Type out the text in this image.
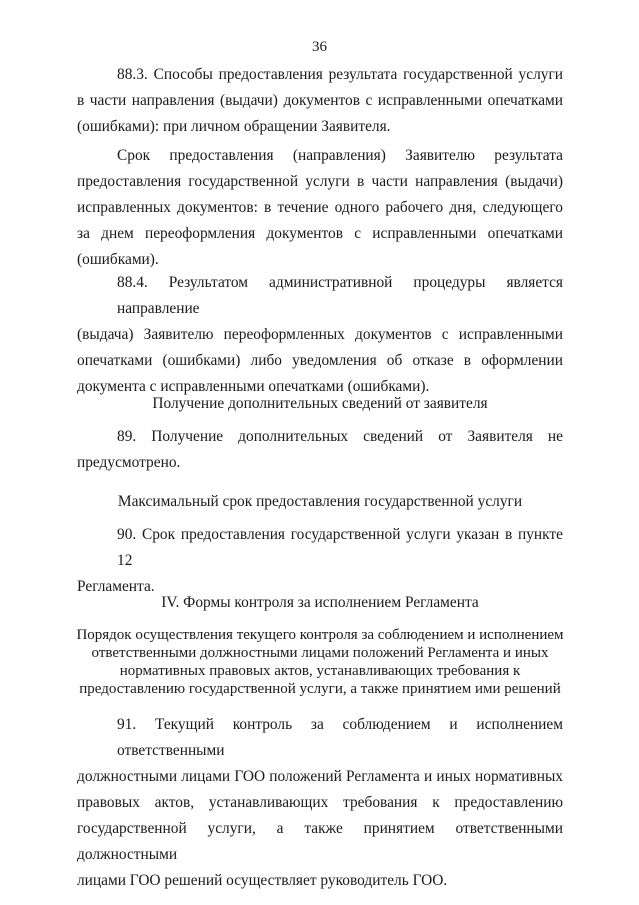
36
88.3. Способы предоставления результата государственной услуги
в части направления (выдачи) документов с исправленными опечатками
(ошибками): при личном обращении Заявителя.
Срок предоставления (направления) Заявителю результата
предоставления государственной услуги в части направления (выдачи)
исправленных документов: в течение одного рабочего дня, следующего
за днем переоформления документов с исправленными опечатками
(ошибками).
88.4. Результатом административной процедуры является направление
(выдача) Заявителю переоформленных документов с исправленными
опечатками (ошибками) либо уведомления об отказе в оформлении
документа с исправленными опечатками (ошибками).
Получение дополнительных сведений от заявителя
89. Получение дополнительных сведений от Заявителя не
предусмотрено.
Максимальный срок предоставления государственной услуги
90. Срок предоставления государственной услуги указан в пункте 12
Регламента.
IV. Формы контроля за исполнением Регламента
Порядок осуществления текущего контроля за соблюдением и исполнением
ответственными должностными лицами положений Регламента и иных
нормативных правовых актов, устанавливающих требования к
предоставлению государственной услуги, а также принятием ими решений
91. Текущий контроль за соблюдением и исполнением ответственными
должностными лицами ГОО положений Регламента и иных нормативных
правовых актов, устанавливающих требования к предоставлению
государственной услуги, а также принятием ответственными должностными
лицами ГОО решений осуществляет руководитель ГОО.
